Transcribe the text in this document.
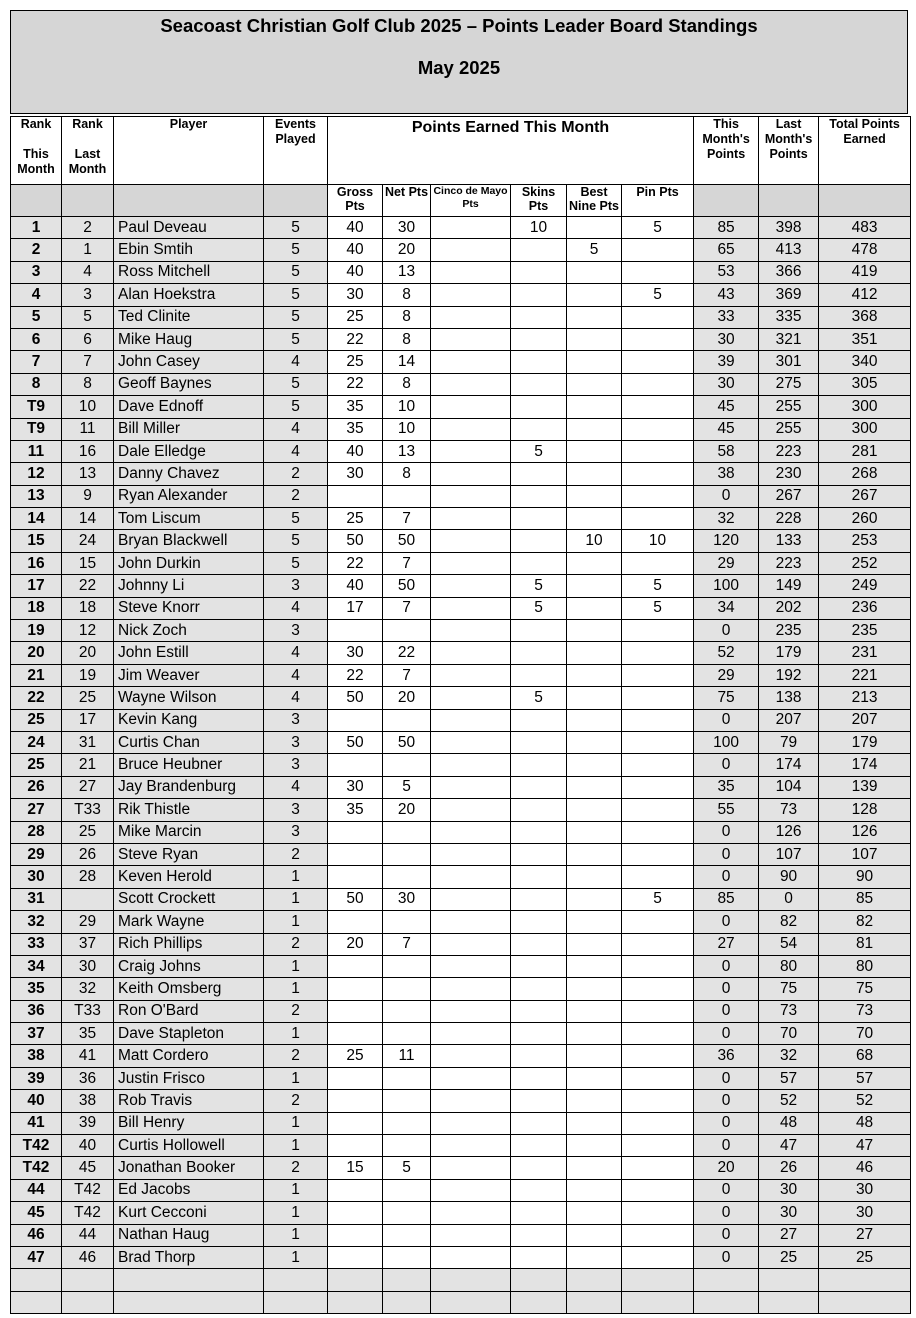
Seacoast Christian Golf Club 2025 – Points Leader Board Standings
May 2025
Rank

This
Month	Rank

Last
Month	Player	Events
Played	Points Earned This Month						This
Month's
Points	Last
Month's
Points	Total Points
Earned
				Gross
Pts	Net Pts	Cinco de Mayo
Pts	Skins
Pts	Best
Nine Pts	Pin Pts			
1	2	Paul Deveau	5	40	30		10		5	85	398	483
2	1	Ebin Smtih	5	40	20			5		65	413	478
3	4	Ross Mitchell	5	40	13					53	366	419
4	3	Alan Hoekstra	5	30	8				5	43	369	412
5	5	Ted Clinite	5	25	8					33	335	368
6	6	Mike Haug	5	22	8					30	321	351
7	7	John Casey	4	25	14					39	301	340
8	8	Geoff Baynes	5	22	8					30	275	305
T9	10	Dave Ednoff	5	35	10					45	255	300
T9	11	Bill Miller	4	35	10					45	255	300
11	16	Dale Elledge	4	40	13		5			58	223	281
12	13	Danny Chavez	2	30	8					38	230	268
13	9	Ryan Alexander	2							0	267	267
14	14	Tom Liscum	5	25	7					32	228	260
15	24	Bryan Blackwell	5	50	50			10	10	120	133	253
16	15	John Durkin	5	22	7					29	223	252
17	22	Johnny Li	3	40	50		5		5	100	149	249
18	18	Steve Knorr	4	17	7		5		5	34	202	236
19	12	Nick Zoch	3							0	235	235
20	20	John Estill	4	30	22					52	179	231
21	19	Jim Weaver	4	22	7					29	192	221
22	25	Wayne Wilson	4	50	20		5			75	138	213
25	17	Kevin Kang	3							0	207	207
24	31	Curtis Chan	3	50	50					100	79	179
25	21	Bruce Heubner	3							0	174	174
26	27	Jay Brandenburg	4	30	5					35	104	139
27	T33	Rik Thistle	3	35	20					55	73	128
28	25	Mike Marcin	3							0	126	126
29	26	Steve Ryan	2							0	107	107
30	28	Keven Herold	1							0	90	90
31		Scott Crockett	1	50	30				5	85	0	85
32	29	Mark Wayne	1							0	82	82
33	37	Rich Phillips	2	20	7					27	54	81
34	30	Craig Johns	1							0	80	80
35	32	Keith Omsberg	1							0	75	75
36	T33	Ron O'Bard	2							0	73	73
37	35	Dave Stapleton	1							0	70	70
38	41	Matt Cordero	2	25	11					36	32	68
39	36	Justin Frisco	1							0	57	57
40	38	Rob Travis	2							0	52	52
41	39	Bill Henry	1							0	48	48
T42	40	Curtis Hollowell	1							0	47	47
T42	45	Jonathan Booker	2	15	5					20	26	46
44	T42	Ed Jacobs	1							0	30	30
45	T42	Kurt Cecconi	1							0	30	30
46	44	Nathan Haug	1							0	27	27
47	46	Brad Thorp	1							0	25	25
